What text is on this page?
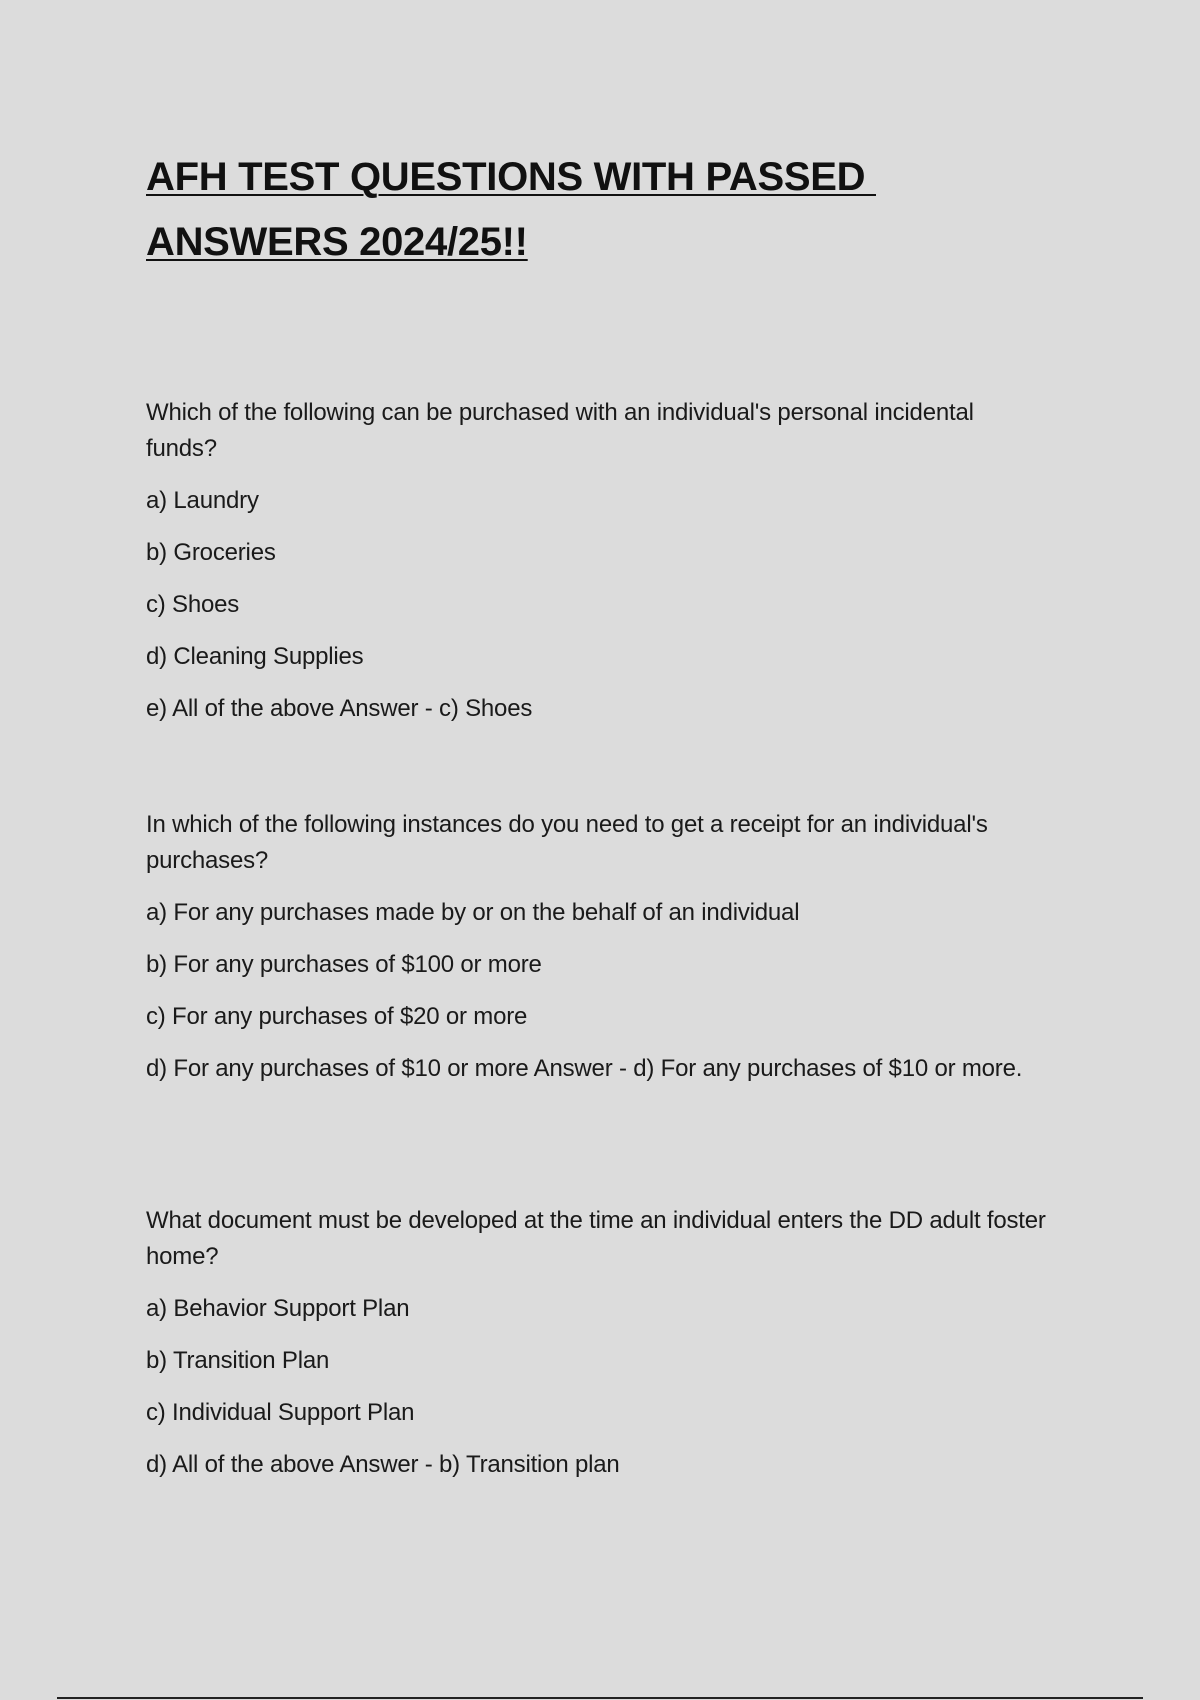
AFH TEST QUESTIONS WITH PASSED
ANSWERS 2024/25!!

Which of the following can be purchased with an individual's personal incidental funds?

a) Laundry

b) Groceries

c) Shoes

d) Cleaning Supplies

e) All of the above Answer - c) Shoes

In which of the following instances do you need to get a receipt for an individual's purchases?

a) For any purchases made by or on the behalf of an individual

b) For any purchases of $100 or more

c) For any purchases of $20 or more

d) For any purchases of $10 or more Answer - d) For any purchases of $10 or more.

What document must be developed at the time an individual enters the DD adult foster home?

a) Behavior Support Plan

b) Transition Plan

c) Individual Support Plan

d) All of the above Answer - b) Transition plan
